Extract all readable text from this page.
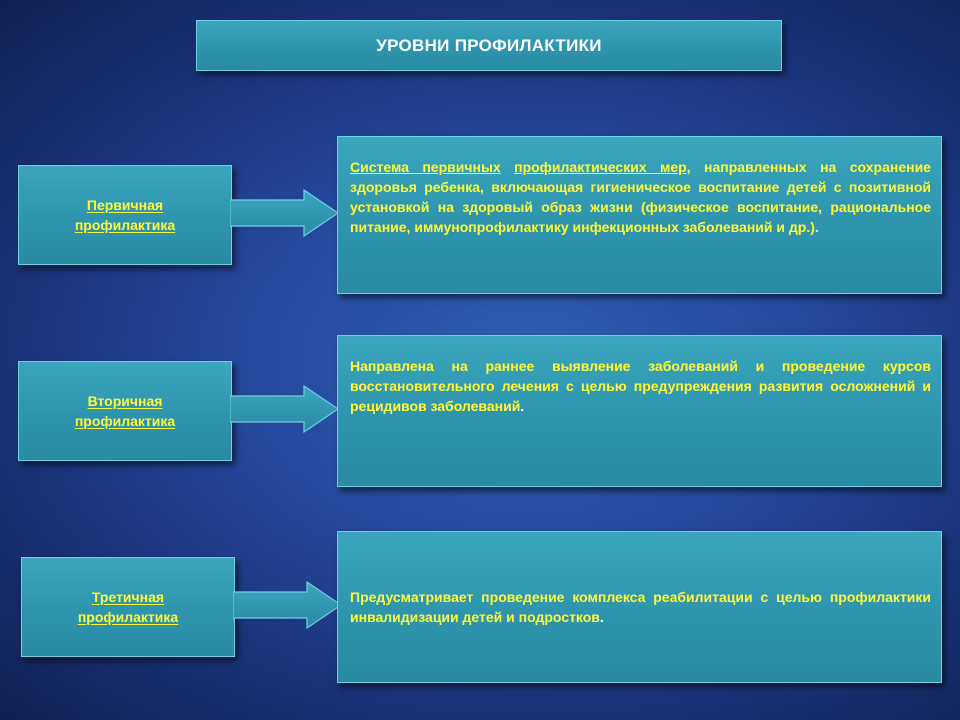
УРОВНИ ПРОФИЛАКТИКИ
Первичная
профилактика

Система первичных профилактических мер, направленных на сохранение здоровья ребенка, включающая гигиеническое воспитание детей с позитивной установкой на здоровый образ жизни (физическое воспитание, рациональное питание, иммунопрофилактику инфекционных заболеваний и др.).

Вторичная
профилактика

Направлена на раннее выявление заболеваний и проведение курсов восстановительного лечения с целью предупреждения развития осложнений и рецидивов заболеваний.

Третичная
профилактика

Предусматривает проведение комплекса реабилитации с целью профилактики инвалидизации детей и подростков.
